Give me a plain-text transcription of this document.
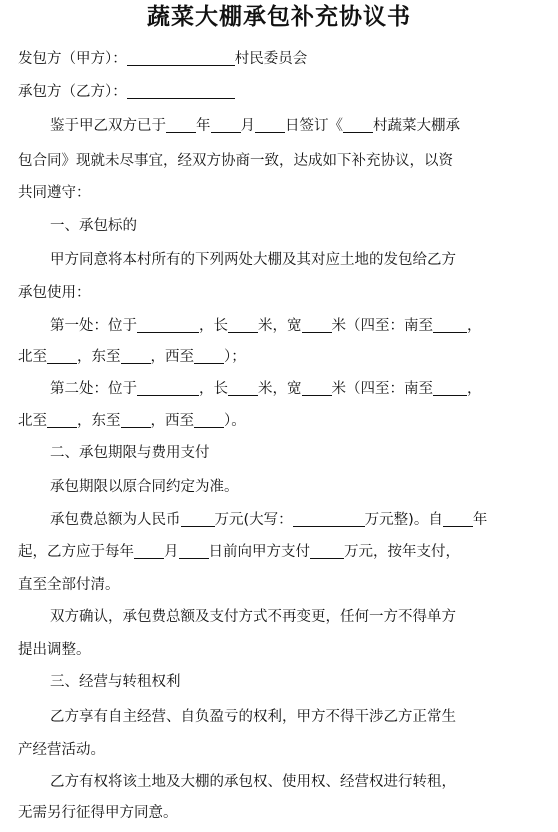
蔬菜大棚承包补充协议书
发包方（甲方）：	村民委员会
承包方（乙方）：
鉴于甲乙双方已于 年 月 日签订《 村蔬菜大棚承
包合同》现就未尽事宜，经双方协商一致，达成如下补充协议，以资
共同遵守：
一、承包标的
甲方同意将本村所有的下列两处大棚及其对应土地的发包给乙方
承包使用：
第一处：位于	，长 米，宽 米（四至：南至 ，
北至 ，东至 ，西至 ）；
第二处：位于	，长 米，宽 米（四至：南至 ，
北至 ，东至 ，西至 ）。
二、承包期限与费用支付
承包期限以原合同约定为准。
承包费总额为人民币 万元(大写：	万元整)。自 年
起，乙方应于每年 月 日前向甲方支付 万元，按年支付，
直至全部付清。
双方确认，承包费总额及支付方式不再变更，任何一方不得单方
提出调整。
三、经营与转租权利
乙方享有自主经营、自负盈亏的权利，甲方不得干涉乙方正常生
产经营活动。
乙方有权将该土地及大棚的承包权、使用权、经营权进行转租，
无需另行征得甲方同意。
